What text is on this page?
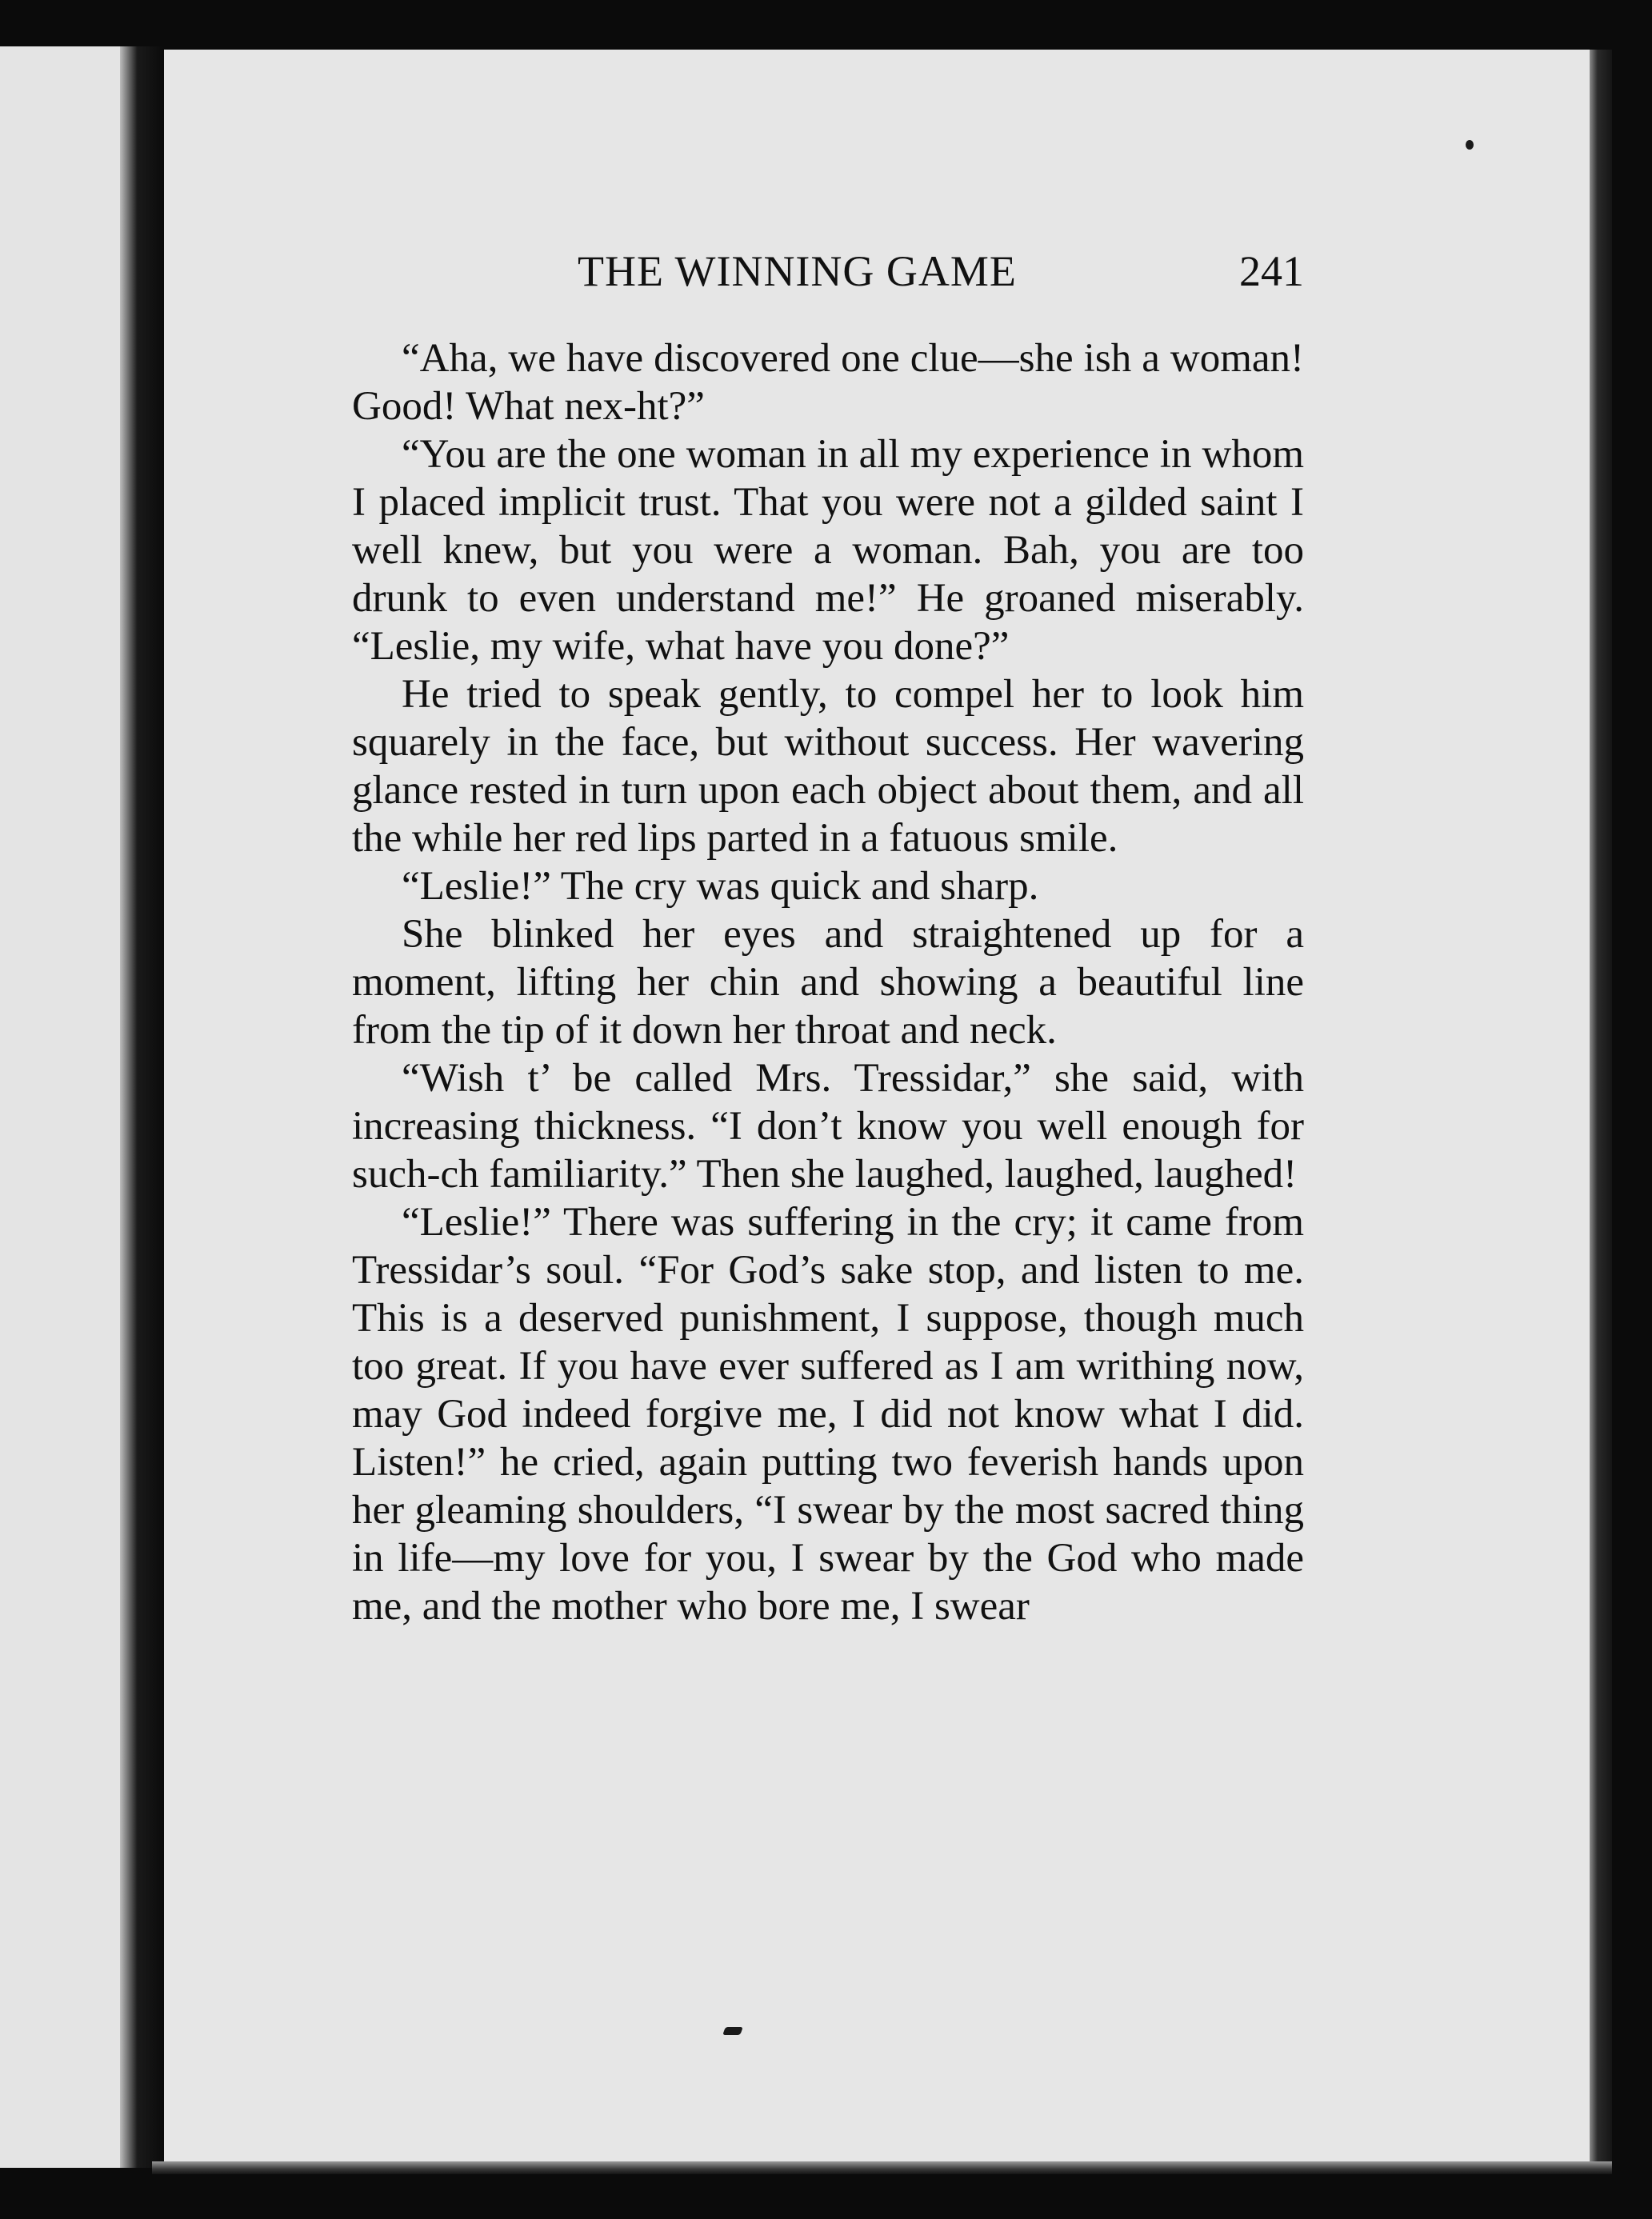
THE WINNING GAME	241

“Aha, we have discovered one clue—she ish a woman! Good! What nex-ht?”

“You are the one woman in all my experience in whom I placed implicit trust. That you were not a gilded saint I well knew, but you were a woman. Bah, you are too drunk to even understand me!” He groaned miserably. “Leslie, my wife, what have you done?”

He tried to speak gently, to compel her to look him squarely in the face, but without success. Her wavering glance rested in turn upon each object about them, and all the while her red lips parted in a fatuous smile.

“Leslie!” The cry was quick and sharp.

She blinked her eyes and straightened up for a moment, lifting her chin and showing a beautiful line from the tip of it down her throat and neck.

“Wish t’ be called Mrs. Tressidar,” she said, with increasing thickness. “I don’t know you well enough for such-ch familiarity.” Then she laughed, laughed, laughed!

“Leslie!” There was suffering in the cry; it came from Tressidar’s soul. “For God’s sake stop, and listen to me. This is a deserved punishment, I suppose, though much too great. If you have ever suffered as I am writhing now, may God indeed forgive me, I did not know what I did. Listen!” he cried, again putting two feverish hands upon her gleaming shoulders, “I swear by the most sacred thing in life—my love for you, I swear by the God who made me, and the mother who bore me, I swear
